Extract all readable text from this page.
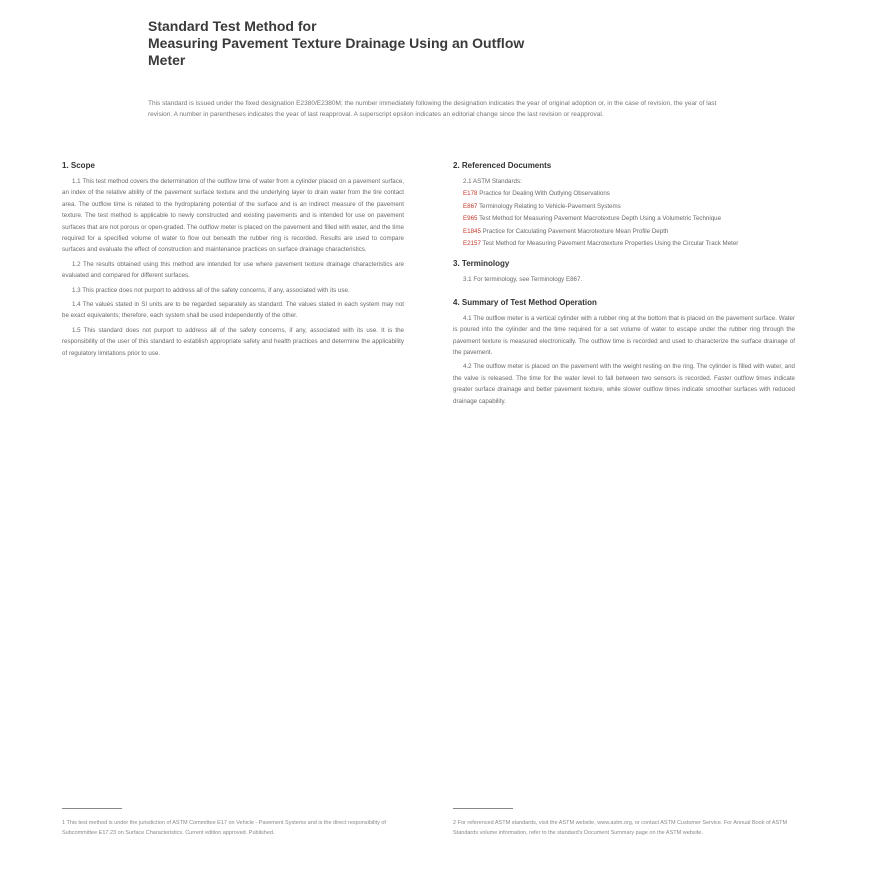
Standard Test Method for
Measuring Pavement Texture Drainage Using an Outflow
Meter
This standard is issued under the fixed designation E2380/E2380M; the number immediately following the designation indicates the year of original adoption or, in the case of revision, the year of last revision. A number in parentheses indicates the year of last reapproval. A superscript epsilon indicates an editorial change since the last revision or reapproval.
1. Scope
1.1 This test method covers the determination of the outflow time of water from a cylinder placed on a pavement surface, an index of the relative ability of the pavement surface texture and the underlying layer to drain water from the tire contact area. The outflow time is related to the hydroplaning potential of the surface and is an indirect measure of the pavement texture. The test method is applicable to newly constructed and existing pavements and is intended for use on pavement surfaces that are not porous or open-graded. The outflow meter is placed on the pavement and filled with water, and the time required for a specified volume of water to flow out beneath the rubber ring is recorded. Results are used to compare surfaces and evaluate the effect of construction and maintenance practices on surface drainage characteristics.
1.2 The results obtained using this method are intended for use where pavement texture drainage characteristics are evaluated and compared for different surfaces.
1.3 This practice does not purport to address all of the safety concerns, if any, associated with its use.
1.4 The values stated in SI units are to be regarded separately as standard. The values stated in each system may not be exact equivalents; therefore, each system shall be used independently of the other.
1.5 This standard does not purport to address all of the safety concerns, if any, associated with its use. It is the responsibility of the user of this standard to establish appropriate safety and health practices and determine the applicability of regulatory limitations prior to use.
2. Referenced Documents
2.1 ASTM Standards:
E178 Practice for Dealing With Outlying Observations
E867 Terminology Relating to Vehicle-Pavement Systems
E965 Test Method for Measuring Pavement Macrotexture Depth Using a Volumetric Technique
E1845 Practice for Calculating Pavement Macrotexture Mean Profile Depth
E2157 Test Method for Measuring Pavement Macrotexture Properties Using the Circular Track Meter
3. Terminology
3.1 For terminology, see Terminology E867.
4. Summary of Test Method Operation
4.1 The outflow meter is a vertical cylinder with a rubber ring at the bottom that is placed on the pavement surface. Water is poured into the cylinder and the time required for a set volume of water to escape under the rubber ring through the pavement texture is measured electronically. The outflow time is recorded and used to characterize the surface drainage of the pavement.
4.2 The outflow meter is placed on the pavement with the weight resting on the ring. The cylinder is filled with water, and the valve is released. The time for the water level to fall between two sensors is recorded. Faster outflow times indicate greater surface drainage and better pavement texture, while slower outflow times indicate smoother surfaces with reduced drainage capability.
1 This test method is under the jurisdiction of ASTM Committee E17 on Vehicle - Pavement Systems and is the direct responsibility of Subcommittee E17.23 on Surface Characteristics. Current edition approved. Published.
2 For referenced ASTM standards, visit the ASTM website, www.astm.org, or contact ASTM Customer Service. For Annual Book of ASTM Standards volume information, refer to the standard's Document Summary page on the ASTM website.
